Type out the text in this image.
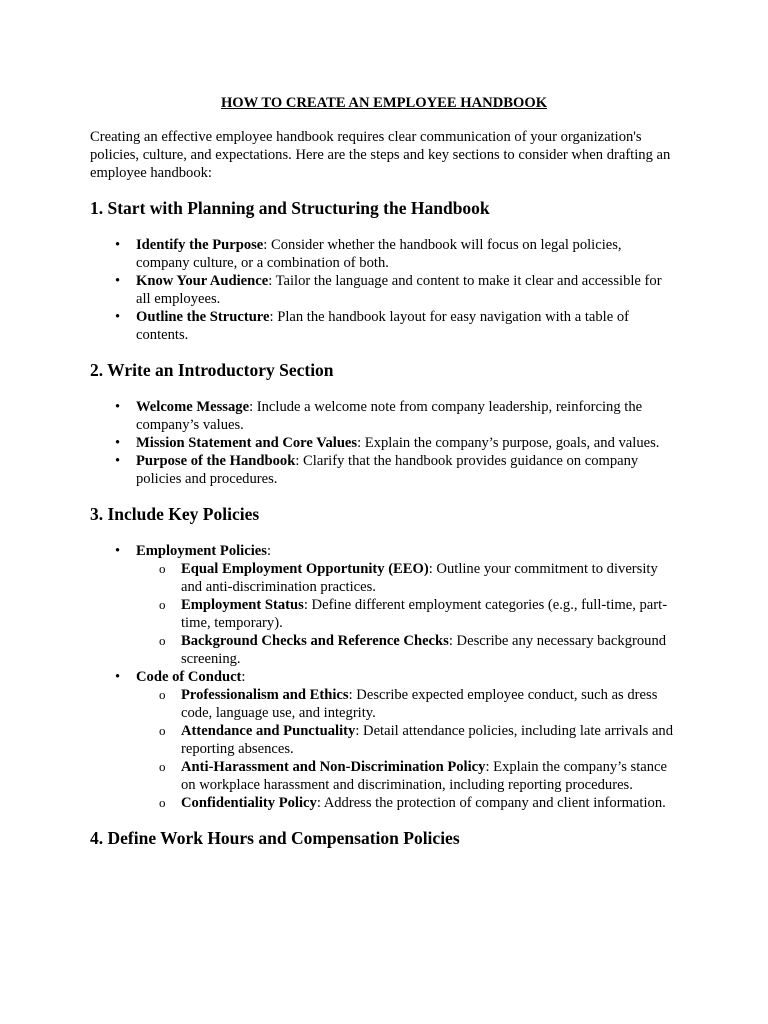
HOW TO CREATE AN EMPLOYEE HANDBOOK

Creating an effective employee handbook requires clear communication of your organization's policies, culture, and expectations. Here are the steps and key sections to consider when drafting an employee handbook:

1. Start with Planning and Structuring the Handbook
• Identify the Purpose: Consider whether the handbook will focus on legal policies, company culture, or a combination of both.
• Know Your Audience: Tailor the language and content to make it clear and accessible for all employees.
• Outline the Structure: Plan the handbook layout for easy navigation with a table of contents.
2. Write an Introductory Section
• Welcome Message: Include a welcome note from company leadership, reinforcing the company’s values.
• Mission Statement and Core Values: Explain the company’s purpose, goals, and values.
• Purpose of the Handbook: Clarify that the handbook provides guidance on company policies and procedures.
3. Include Key Policies
• Employment Policies:
o Equal Employment Opportunity (EEO): Outline your commitment to diversity and anti-discrimination practices.
o Employment Status: Define different employment categories (e.g., full-time, part-time, temporary).
o Background Checks and Reference Checks: Describe any necessary background screening.
• Code of Conduct:
o Professionalism and Ethics: Describe expected employee conduct, such as dress code, language use, and integrity.
o Attendance and Punctuality: Detail attendance policies, including late arrivals and reporting absences.
o Anti-Harassment and Non-Discrimination Policy: Explain the company’s stance on workplace harassment and discrimination, including reporting procedures.
o Confidentiality Policy: Address the protection of company and client information.
4. Define Work Hours and Compensation Policies
